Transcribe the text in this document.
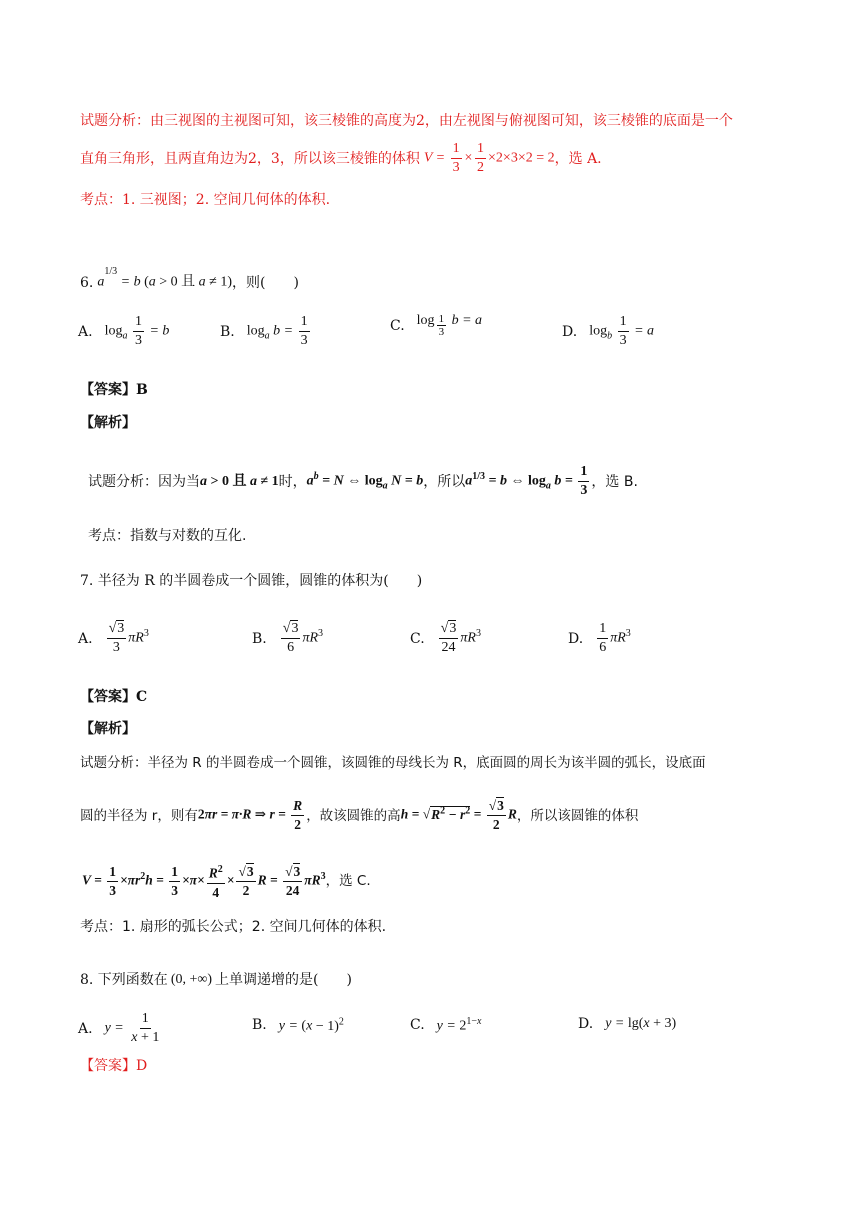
试题分析：由三视图的主视图可知，该三棱锥的高度为2，由左视图与俯视图可知，该三棱锥的底面是一个
直角三角形，且两直角边为2，3，所以该三棱锥的体积 $V = \frac{1}{3} \times \frac{1}{2} \times 2\times 3\times 2 = 2$ ，选 A.
考点：1. 三视图；2. 空间几何体的体积.
6. $a^{1/3} = b$ (a > 0 且 a ≠ 1) ，则(　　)
A. $\log_a \frac{1}{3} = b$	B. $\log_a b = \frac{1}{3}$	C. log $_{\frac{1}{3}}$ b = a
D. $\log_b \frac{1}{3} = a$
【答案】B
【解析】
试题分析：因为当 a > 0 且 a ≠ 1 时， $a^b = N$ ⇔ $\log_a N = b$ ，所以 $a^{1/3} = b$ ⇔ $\log_a b = \frac{1}{3}$ ，选 B.
考点：指数与对数的互化.
7. 半径为 R 的半圆卷成一个圆锥，圆锥的体积为(　　)
A. $\frac{√3}{3} \pi R^3$	B. $\frac{√3}{6} \pi R^3$	C. $\frac{√3}{24} \pi R^3$	D. $\frac{1}{6} \pi R^3$
【答案】C
【解析】
试题分析：半径为 R 的半圆卷成一个圆锥，该圆锥的母线长为 R，底面圆的周长为该半圆的弧长，设底面
圆的半径为 r，则有 2πr = π·R ⇒ $r = \frac{R}{2}$ ，故该圆锥的高 $h = √R^2 - r^2 = \frac{√3}{2}$ R ，所以该圆锥的体积
$V = \frac{1}{3} \times\pi r^2h = \frac{1}{3} \times\pi\times \frac{R^2}{4} \times \frac{√3}{2}$ $R = \frac{√3}{24} \pi R^3$ ，选 C.
考点：1. 扇形的弧长公式；2. 空间几何体的体积.
8. 下列函数在 (0, +∞) 上单调递增的是(　　)
A. $y = \frac{1}{x + 1}$	B. $y = (x - 1)^2$	C. $y = 2^{1-x}$	D. y = lg(x + 3)
【答案】D
